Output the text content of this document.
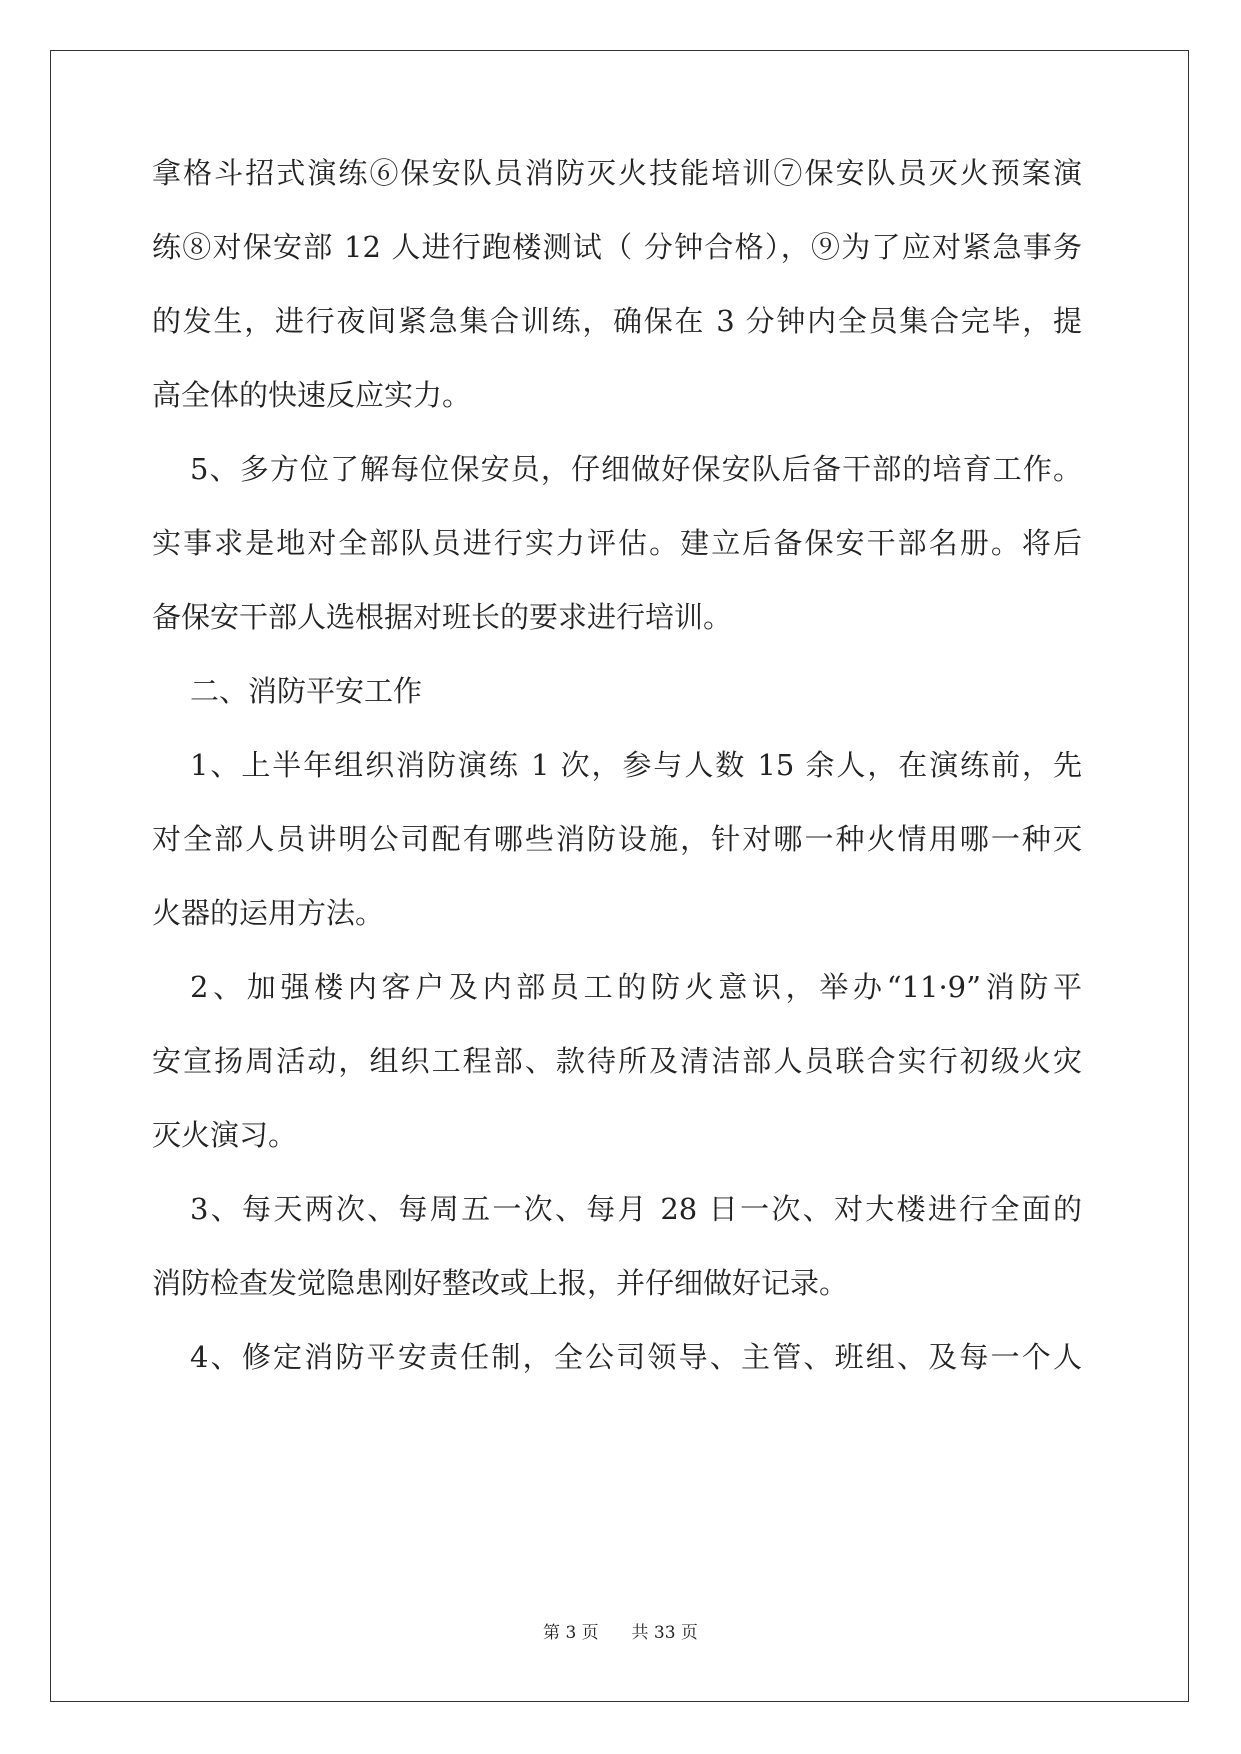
拿格斗招式演练⑥保安队员消防灭火技能培训⑦保安队员灭火预案演
练⑧对保安部 12 人进行跑楼测试（ 分钟合格），⑨为了应对紧急事务
的发生，进行夜间紧急集合训练，确保在 3 分钟内全员集合完毕，提
高全体的快速反应实力。
5、多方位了解每位保安员，仔细做好保安队后备干部的培育工作。
实事求是地对全部队员进行实力评估。建立后备保安干部名册。将后
备保安干部人选根据对班长的要求进行培训。
二、消防平安工作
1、上半年组织消防演练 1 次，参与人数 15 余人，在演练前，先
对全部人员讲明公司配有哪些消防设施，针对哪一种火情用哪一种灭
火器的运用方法。
2、加强楼内客户及内部员工的防火意识，举办“11·9”消防平
安宣扬周活动，组织工程部、款待所及清洁部人员联合实行初级火灾
灭火演习。
3、每天两次、每周五一次、每月 28 日一次、对大楼进行全面的
消防检查发觉隐患刚好整改或上报，并仔细做好记录。
4、修定消防平安责任制，全公司领导、主管、班组、及每一个人
第 3 页 共 33 页
